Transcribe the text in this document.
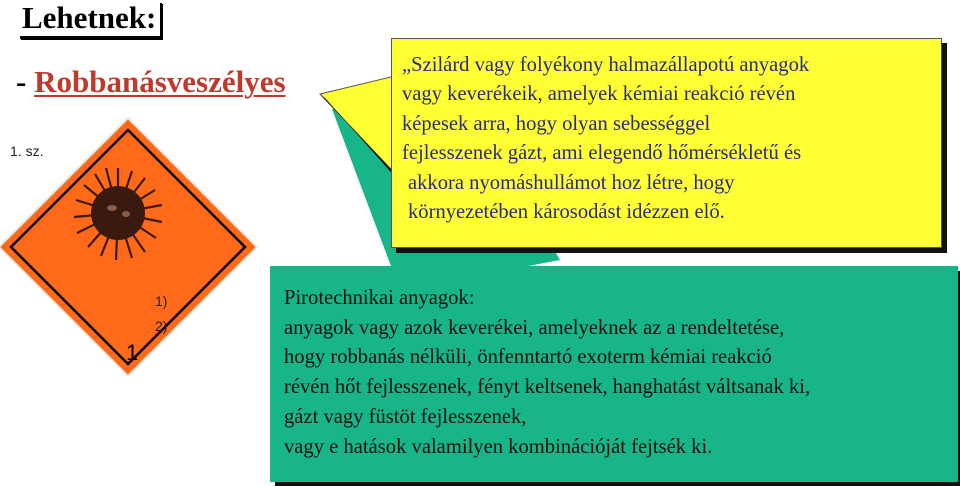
Lehetnek:
- Robbanásveszélyes
1. sz.
1)
2)
1

„Szilárd vagy folyékony halmazállapotú anyagok
vagy keverékeik, amelyek kémiai reakció révén
képesek arra, hogy olyan sebességgel
fejlesszenek gázt, ami elegendő hőmérsékletű és
akkora nyomáshullámot hoz létre, hogy
környezetében károsodást idézzen elő.

Pirotechnikai anyagok:
anyagok vagy azok keverékei, amelyeknek az a rendeltetése,
hogy robbanás nélküli, önfenntartó exoterm kémiai reakció
révén hőt fejlesszenek, fényt keltsenek, hanghatást váltsanak ki,
gázt vagy füstöt fejlesszenek,
vagy e hatások valamilyen kombinációját fejtsék ki.
